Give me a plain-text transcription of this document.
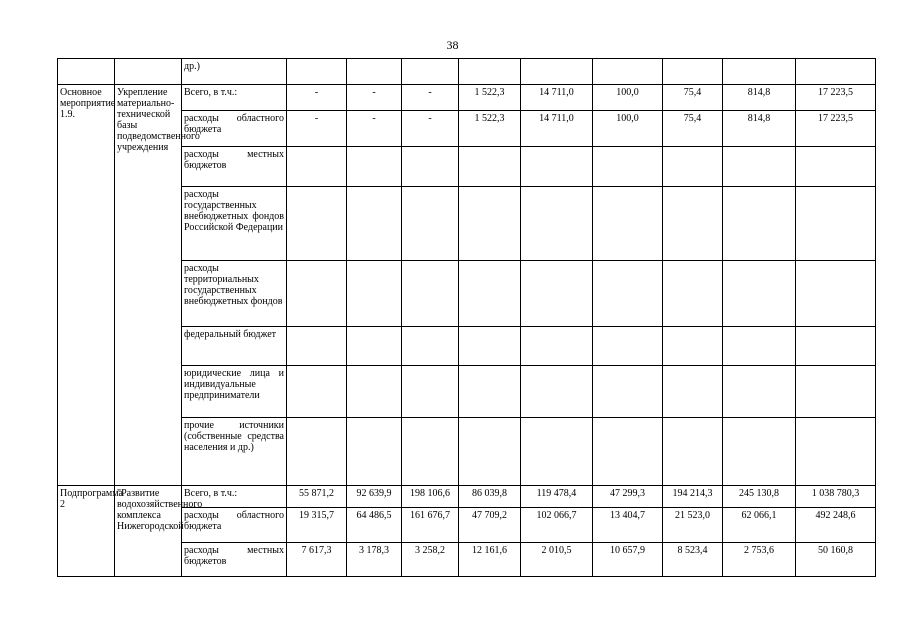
38
		др.)									
Основное мероприятие 1.9.	Укрепление материально-технической базы подведомственного учреждения	Всего, в т.ч.:	-	-	-	1 522,3	14 711,0	100,0	75,4	814,8	17 223,5
		расходы областного бюджета	-	-	-	1 522,3	14 711,0	100,0	75,4	814,8	17 223,5
		расходы местных бюджетов									
		расходы государственных внебюджетных фондов Российской Федерации									
		расходы территориальных государственных внебюджетных фондов									
		федеральный бюджет									
		юридические лица и индивидуальные предприниматели									
		прочие источники (собственные средства населения и др.)									
Подпрограмма 2	"Развитие водохозяйственного комплекса Нижегородской	Всего, в т.ч.:	55 871,2	92 639,9	198 106,6	86 039,8	119 478,4	47 299,3	194 214,3	245 130,8	1 038 780,3
		расходы областного бюджета	19 315,7	64 486,5	161 676,7	47 709,2	102 066,7	13 404,7	21 523,0	62 066,1	492 248,6
		расходы местных бюджетов	7 617,3	3 178,3	3 258,2	12 161,6	2 010,5	10 657,9	8 523,4	2 753,6	50 160,8
